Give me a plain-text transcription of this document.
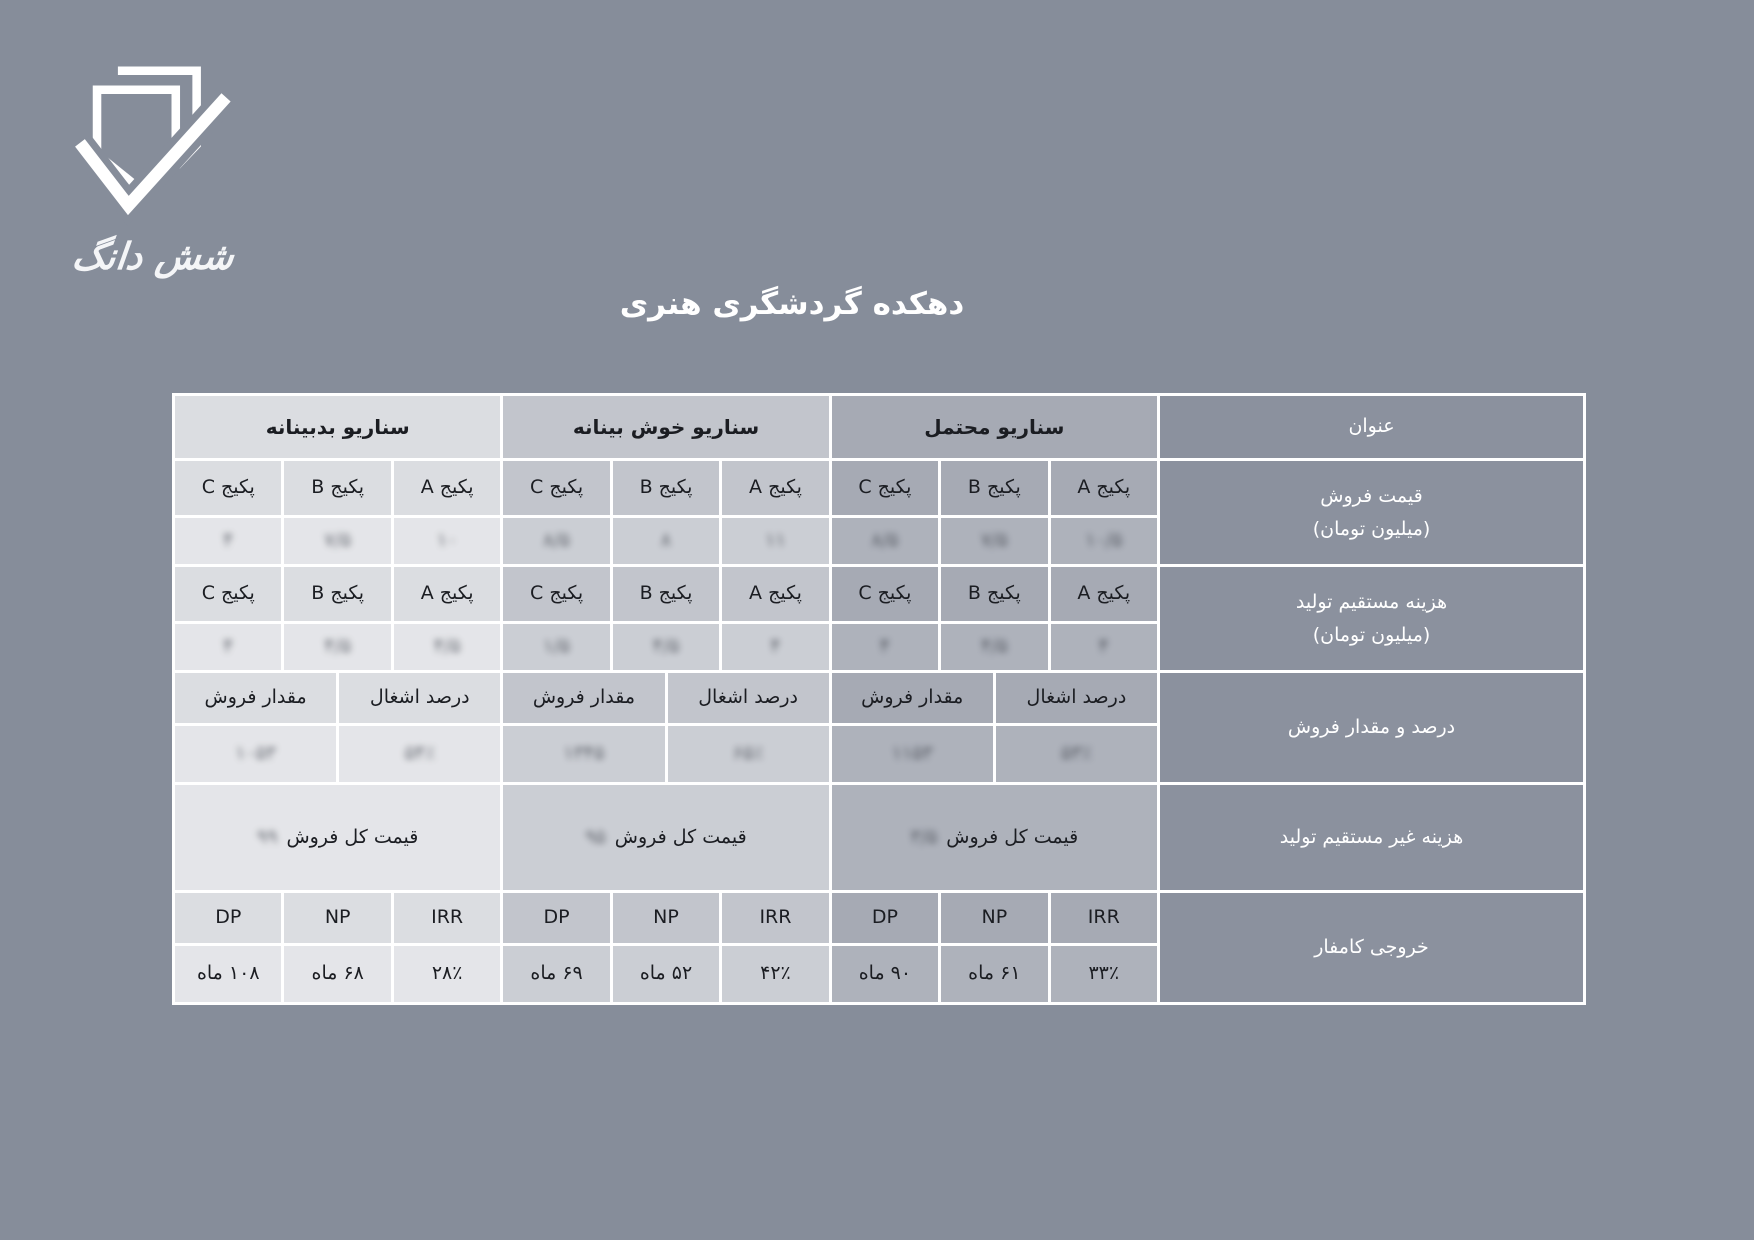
شش دانگ
دهکده گردشگری هنری
عنوان
سناریو محتمل
سناریو خوش بینانه
سناریو بدبینانه
قیمت فروش
(میلیون تومان)
پکیج A
پکیج B
پکیج C
پکیج A
پکیج B
پکیج C
پکیج A
پکیج B
پکیج C
۱۰/۵
۷/۵
۸/۵
۱۱
۸
۸/۵
۱۰
۷/۵
۴
هزینه مستقیم تولید
(میلیون تومان)
پکیج A
پکیج B
پکیج C
پکیج A
پکیج B
پکیج C
پکیج A
پکیج B
پکیج C
۴
۴/۵
۴
۴
۴/۵
۱/۵
۴/۵
۴/۵
۴
درصد و مقدار فروش
درصد اشغال
مقدار فروش
درصد اشغال
مقدار فروش
درصد اشغال
مقدار فروش
۵۳٪
۱۱۵۳
۶۵٪
۱۳۴۵
۵۴٪
۱۰۵۳
هزینه غیر مستقیم تولید
قیمت کل فروش
۳/۵
قیمت کل فروش
۹۵
قیمت کل فروش
۹۹
خروجی کامفار
IRR
NP
DP
IRR
NP
DP
IRR
NP
DP
۳۳٪
۶۱ ماه
۹۰ ماه
۴۲٪
۵۲ ماه
۶۹ ماه
۲۸٪
۶۸ ماه
۱۰۸ ماه
